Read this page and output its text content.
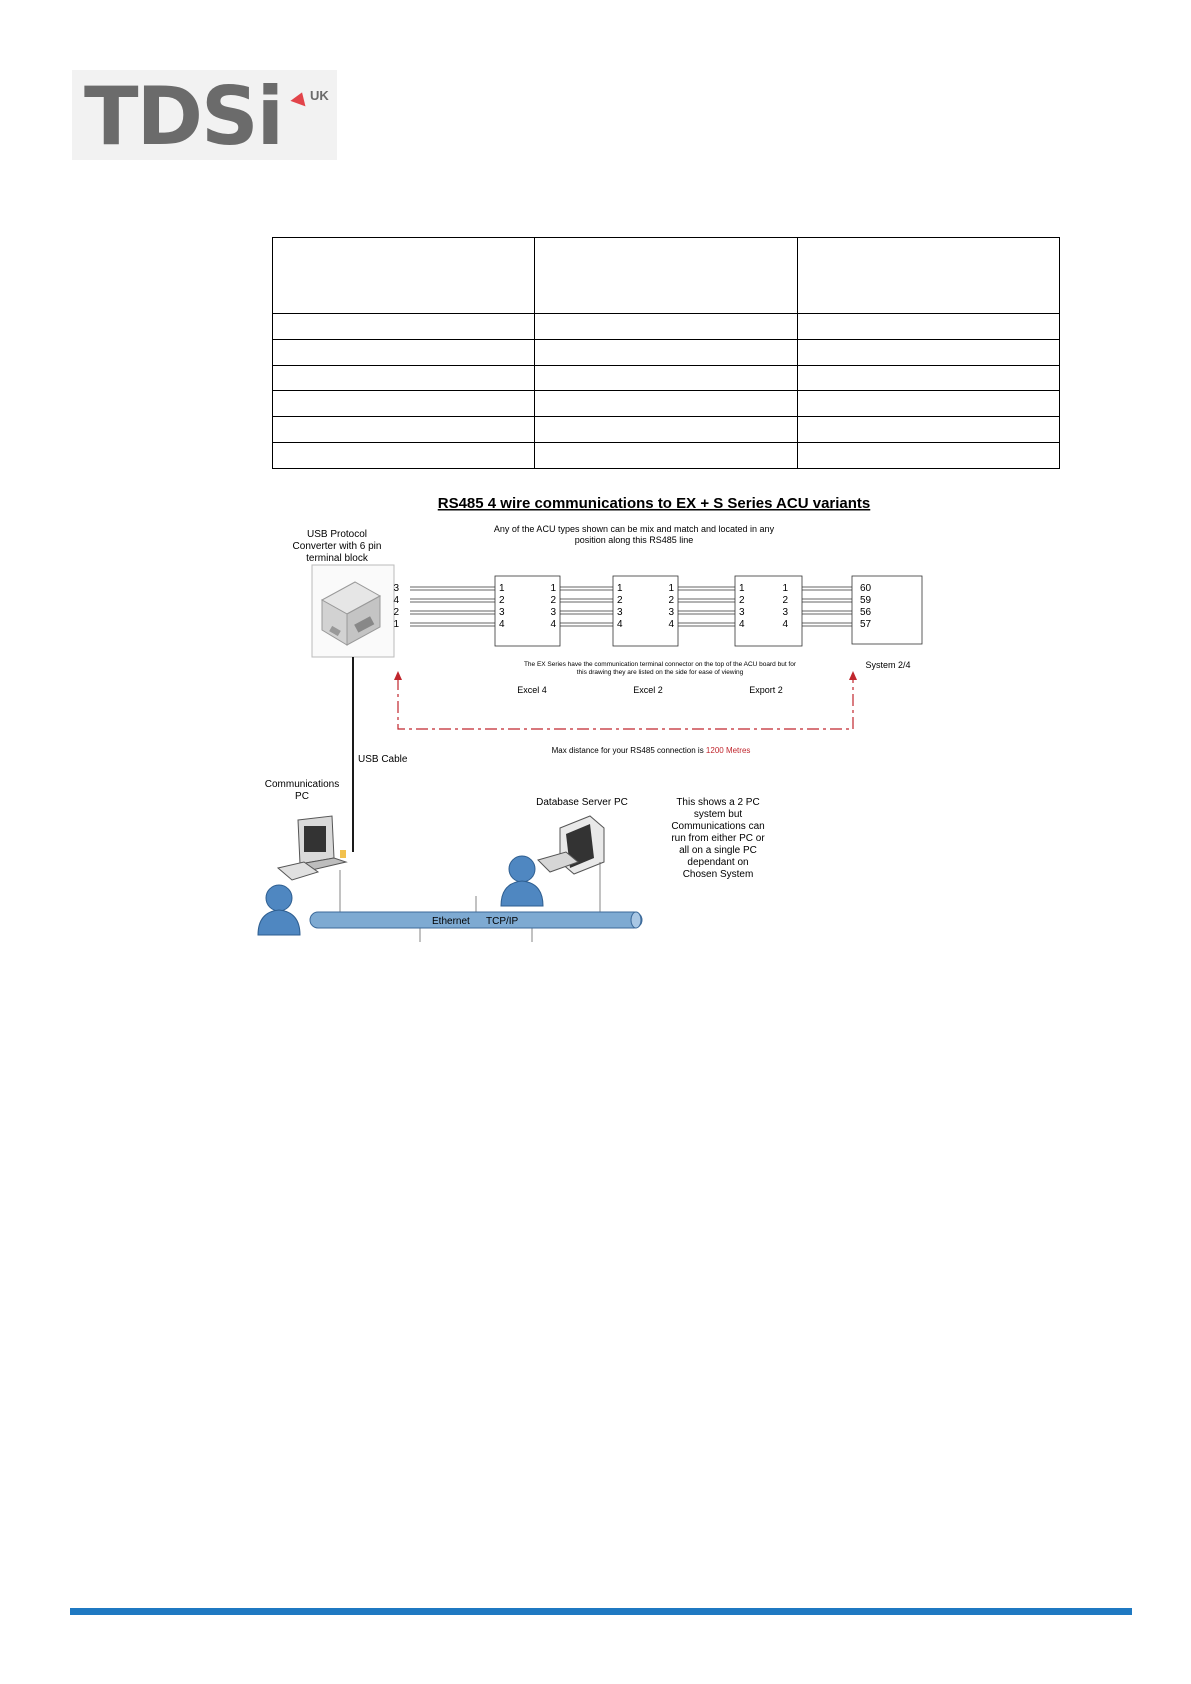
TDSi UK

RS485 4 wire communications to EX + S Series ACU variants
Any of the ACU types shown can be mix and match and located in any
position along this RS485 line
USB Protocol
Converter with 6 pin
terminal block
3
4
2
1
1
2
3
4
1
2
3
4
1
2
3
4
1
2
3
4
1
2
3
4
1
2
3
4
60
59
56
57
The EX Series have the communication terminal connector on the top of the ACU board but for
this drawing they are listed on the side for ease of viewing
Excel 4	Excel 2	Export 2
System 2/4
Max distance for your RS485 connection is 1200 Metres
USB Cable
Communications
PC
Database Server PC	This shows a 2 PC
system but
Communications can
run from either PC or
all on a single PC
dependant on
Chosen System
Ethernet TCP/IP
